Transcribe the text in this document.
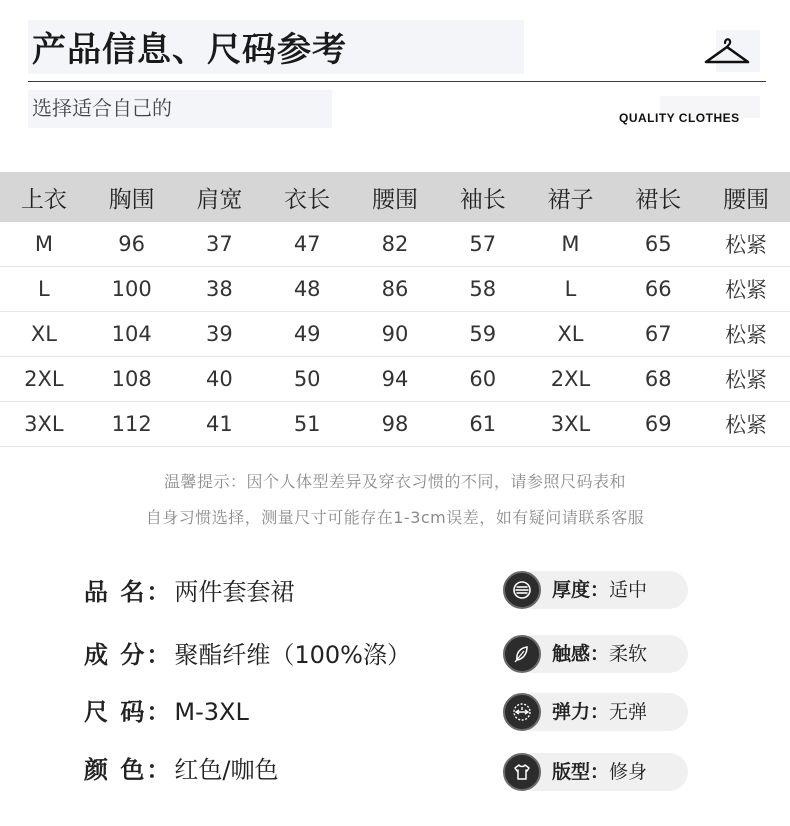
产品信息、尺码参考
选择适合自己的	QUALITY CLOTHES
上衣	胸围	肩宽	衣长	腰围	袖长	裙子	裙长	腰围
M	96	37	47	82	57	M	65	松紧
L	100	38	48	86	58	L	66	松紧
XL	104	39	49	90	59	XL	67	松紧
2XL	108	40	50	94	60	2XL	68	松紧
3XL	112	41	51	98	61	3XL	69	松紧
温馨提示：因个人体型差异及穿衣习惯的不同，请参照尺码表和
自身习惯选择，测量尺寸可能存在1-3cm误差，如有疑问请联系客服
品 名：两件套套裙
成 分：聚酯纤维（100%涤）
尺 码：M-3XL
颜 色：红色/咖色
厚度：适中
触感：柔软
弹力：无弹
版型：修身
